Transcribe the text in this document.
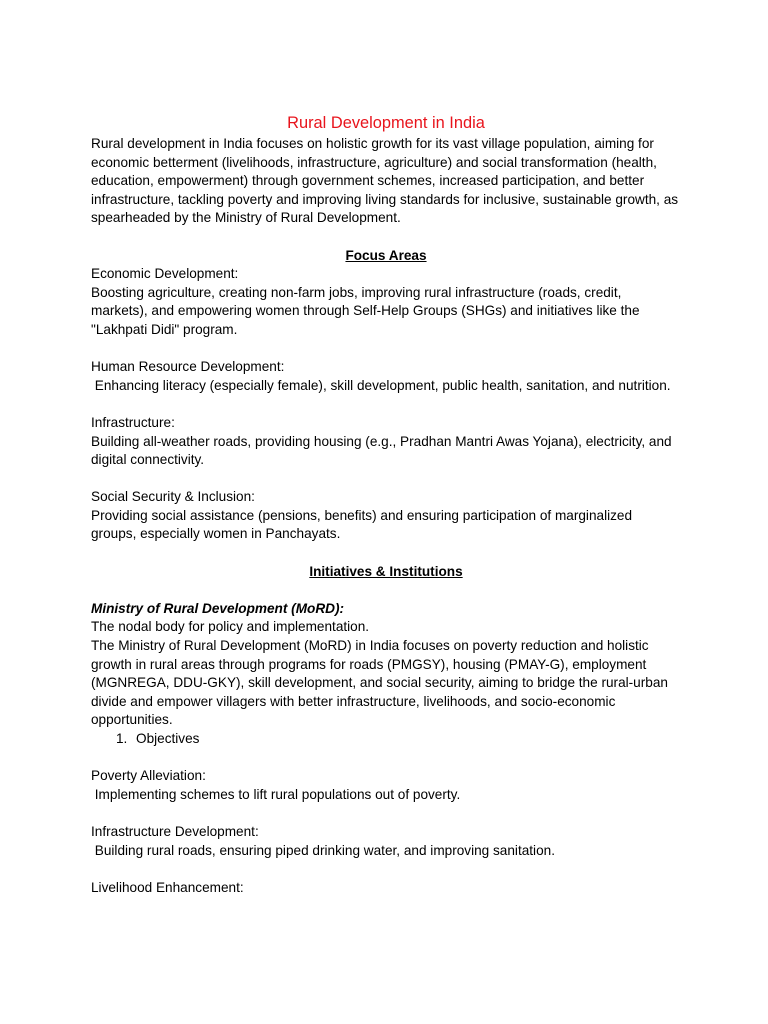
Rural Development in India

Rural development in India focuses on holistic growth for its vast village population, aiming for economic betterment (livelihoods, infrastructure, agriculture) and social transformation (health, education, empowerment) through government schemes, increased participation, and better infrastructure, tackling poverty and improving living standards for inclusive, sustainable growth, as spearheaded by the Ministry of Rural Development.

Focus Areas

Economic Development:

Boosting agriculture, creating non-farm jobs, improving rural infrastructure (roads, credit, markets), and empowering women through Self-Help Groups (SHGs) and initiatives like the "Lakhpati Didi" program.

Human Resource Development:

Enhancing literacy (especially female), skill development, public health, sanitation, and nutrition.

Infrastructure:

Building all-weather roads, providing housing (e.g., Pradhan Mantri Awas Yojana), electricity, and digital connectivity.

Social Security & Inclusion:

Providing social assistance (pensions, benefits) and ensuring participation of marginalized groups, especially women in Panchayats.

Initiatives & Institutions

Ministry of Rural Development (MoRD):

The nodal body for policy and implementation.

The Ministry of Rural Development (MoRD) in India focuses on poverty reduction and holistic growth in rural areas through programs for roads (PMGSY), housing (PMAY-G), employment (MGNREGA, DDU-GKY), skill development, and social security, aiming to bridge the rural-urban divide and empower villagers with better infrastructure, livelihoods, and socio-economic opportunities.

1. Objectives

Poverty Alleviation:

Implementing schemes to lift rural populations out of poverty.

Infrastructure Development:

Building rural roads, ensuring piped drinking water, and improving sanitation.

Livelihood Enhancement:
